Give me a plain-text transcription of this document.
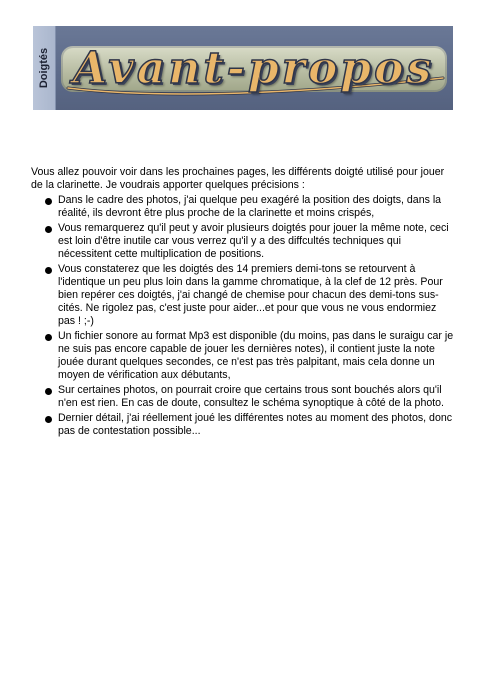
Doigtés Avant-propos

Vous allez pouvoir voir dans les prochaines pages, les différents doigté utilisé pour jouer de la clarinette. Je voudrais apporter quelques précisions :

Dans le cadre des photos, j'ai quelque peu exagéré la position des doigts, dans la réalité, ils devront être plus proche de la clarinette et moins crispés,
Vous remarquerez qu'il peut y avoir plusieurs doigtés pour jouer la même note, ceci est loin d'être inutile car vous verrez qu'il y a des diffcultés techniques qui nécessitent cette multiplication de positions.
Vous constaterez que les doigtés des 14 premiers demi-tons se retourvent à l'identique un peu plus loin dans la gamme chromatique, à la clef de 12 près. Pour bien repérer ces doigtés, j'ai changé de chemise pour chacun des demi-tons sus-cités. Ne rigolez pas, c'est juste pour aider...et pour que vous ne vous endormiez pas ! ;-)
Un fichier sonore au format Mp3 est disponible (du moins, pas dans le suraigu car je ne suis pas encore capable de jouer les dernières notes), il contient juste la note jouée durant quelques secondes, ce n'est pas très palpitant, mais cela donne un moyen de vérification aux débutants,
Sur certaines photos, on pourrait croire que certains trous sont bouchés alors qu'il n'en est rien. En cas de doute, consultez le schéma synoptique à côté de la photo.
Dernier détail, j'ai réellement joué les différentes notes au moment des photos, donc pas de contestation possible...
